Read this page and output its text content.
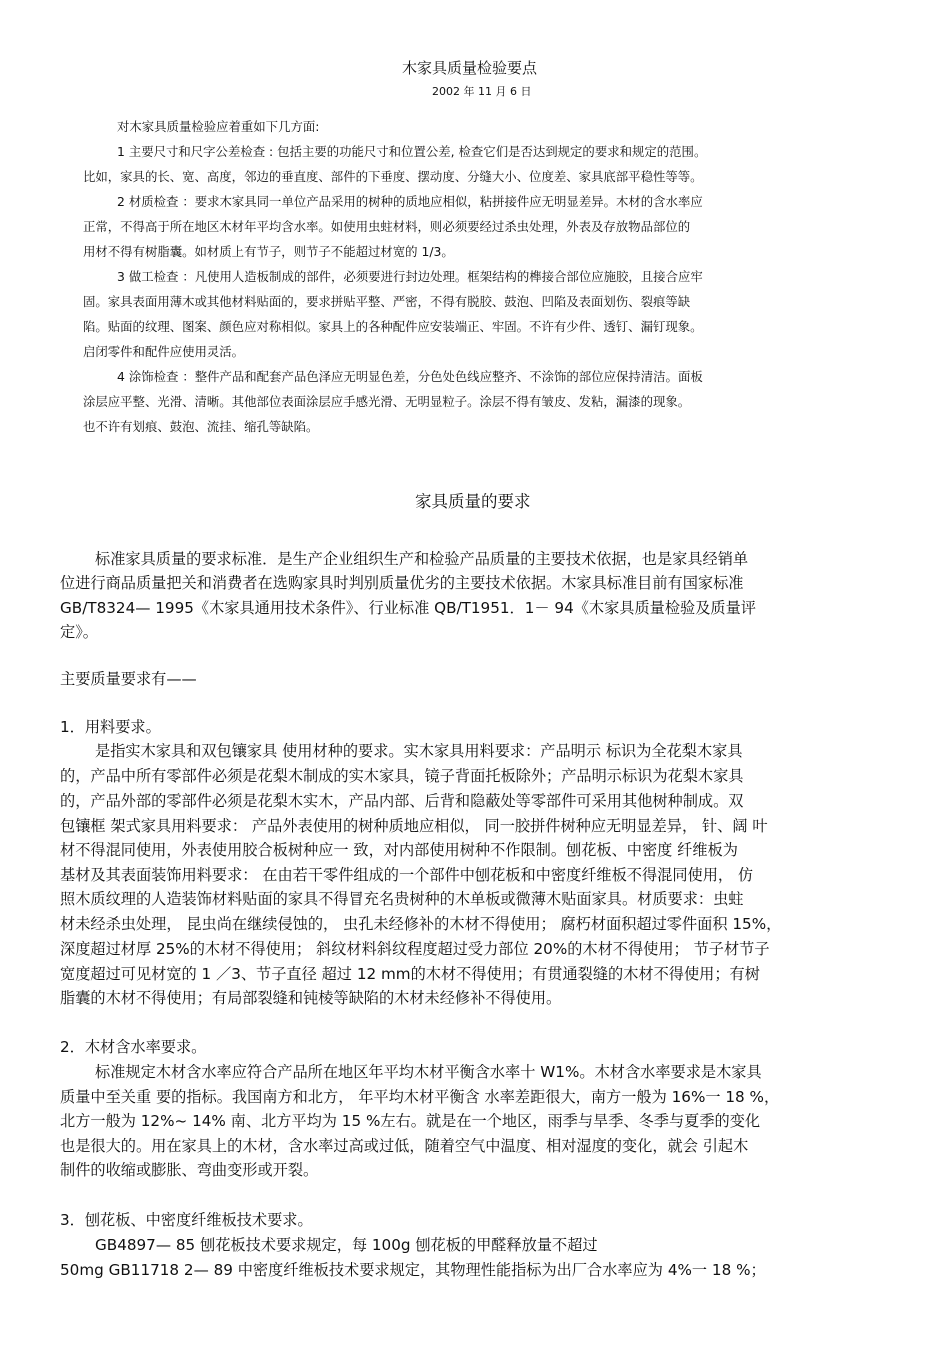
木家具质量检验要点
2002 年 11 月 6 日
对木家具质量检验应着重如下几方面:
1 主要尺寸和尺字公差检查 : 包括主要的功能尺寸和位置公差, 检查它们是否达到规定的要求和规定的范围。
比如，家具的长、宽、高度，邻边的垂直度、部件的下垂度、摆动度、分缝大小、位度差、家具底部平稳性等等。
2 材质检查 ：要求木家具同一单位产品采用的树种的质地应相似，粘拼接件应无明显差异。木材的含水率应
正常，不得高于所在地区木材年平均含水率。如使用虫蛀材料，则必须要经过杀虫处理，外表及存放物品部位的
用材不得有树脂囊。如材质上有节子，则节子不能超过材宽的 1/3。
3 做工检查 ：凡使用人造板制成的部件，必须要进行封边处理。框架结构的榫接合部位应施胶，且接合应牢
固。家具表面用薄木或其他材料贴面的，要求拼贴平整、严密，不得有脱胶、鼓泡、凹陷及表面划伤、裂痕等缺
陷。贴面的纹理、图案、颜色应对称相似。家具上的各种配件应安装端正、牢固。不许有少件、透钉、漏钉现象。
启闭零件和配件应使用灵活。
4 涂饰检查 ：整件产品和配套产品色泽应无明显色差，分色处色线应整齐、不涂饰的部位应保持清洁。面板
涂层应平整、光滑、清晰。其他部位表面涂层应手感光滑、无明显粒子。涂层不得有皱皮、发粘，漏漆的现象。
也不许有划痕、鼓泡、流挂、缩孔等缺陷。
家具质量的要求
标准家具质量的要求标准．是生产企业组织生产和检验产品质量的主要技术依据，也是家具经销单
位进行商品质量把关和消费者在选购家具时判别质量优劣的主要技术依据。木家具标准目前有国家标准
GB∕T8324— 1995《木家具通用技术条件》、行业标准 QB∕T1951．1－ 94《木家具质量检验及质量评
定》。
主要质量要求有——
1．用料要求。
是指实木家具和双包镶家具 使用材种的要求。实木家具用料要求：产品明示 标识为全花梨木家具
的，产品中所有零部件必须是花梨木制成的实木家具，镜子背面托板除外；产品明示标识为花梨木家具
的，产品外部的零部件必须是花梨木实木，产品内部、后背和隐蔽处等零部件可采用其他树种制成。双
包镶框 架式家具用料要求： 产品外表使用的树种质地应相似， 同一胶拼件树种应无明显差异， 针、阔 叶
材不得混同使用，外表使用胶合板树种应一 致，对内部使用树种不作限制。刨花板、中密度 纤维板为
基材及其表面装饰用料要求： 在由若干零件组成的一个部件中刨花板和中密度纤维板不得混同使用， 仿
照木质纹理的人造装饰材料贴面的家具不得冒充名贵树种的木单板或微薄木贴面家具。材质要求：虫蛀
材未经杀虫处理， 昆虫尚在继续侵蚀的， 虫孔未经修补的木材不得使用； 腐朽材面积超过零件面积 15%，
深度超过材厚 25%的木材不得使用； 斜纹材料斜纹程度超过受力部位 20%的木材不得使用； 节子材节子
宽度超过可见材宽的 1 ／3、节子直径 超过 12 mm的木材不得使用；有贯通裂缝的木材不得使用；有树
脂囊的木材不得使用；有局部裂缝和钝棱等缺陷的木材未经修补不得使用。
2．木材含水率要求。
标准规定木材含水率应符合产品所在地区年平均木材平衡含水率十 W1%。木材含水率要求是木家具
质量中至关重 要的指标。我国南方和北方， 年平均木材平衡含 水率差距很大，南方一般为 16%一 18 %，
北方一般为 12%~ 14% 南、北方平均为 15 %左右。就是在一个地区，雨季与旱季、冬季与夏季的变化
也是很大的。用在家具上的木材，含水率过高或过低，随着空气中温度、相对湿度的变化，就会 引起木
制件的收缩或膨胀、弯曲变形或开裂。
3．刨花板、中密度纤维板技术要求。
GB4897— 85 刨花板技术要求规定，每 100g 刨花板的甲醛释放量不超过
50mg GB11718 2— 89 中密度纤维板技术要求规定，其物理性能指标为出厂合水率应为 4%一 18 %；
